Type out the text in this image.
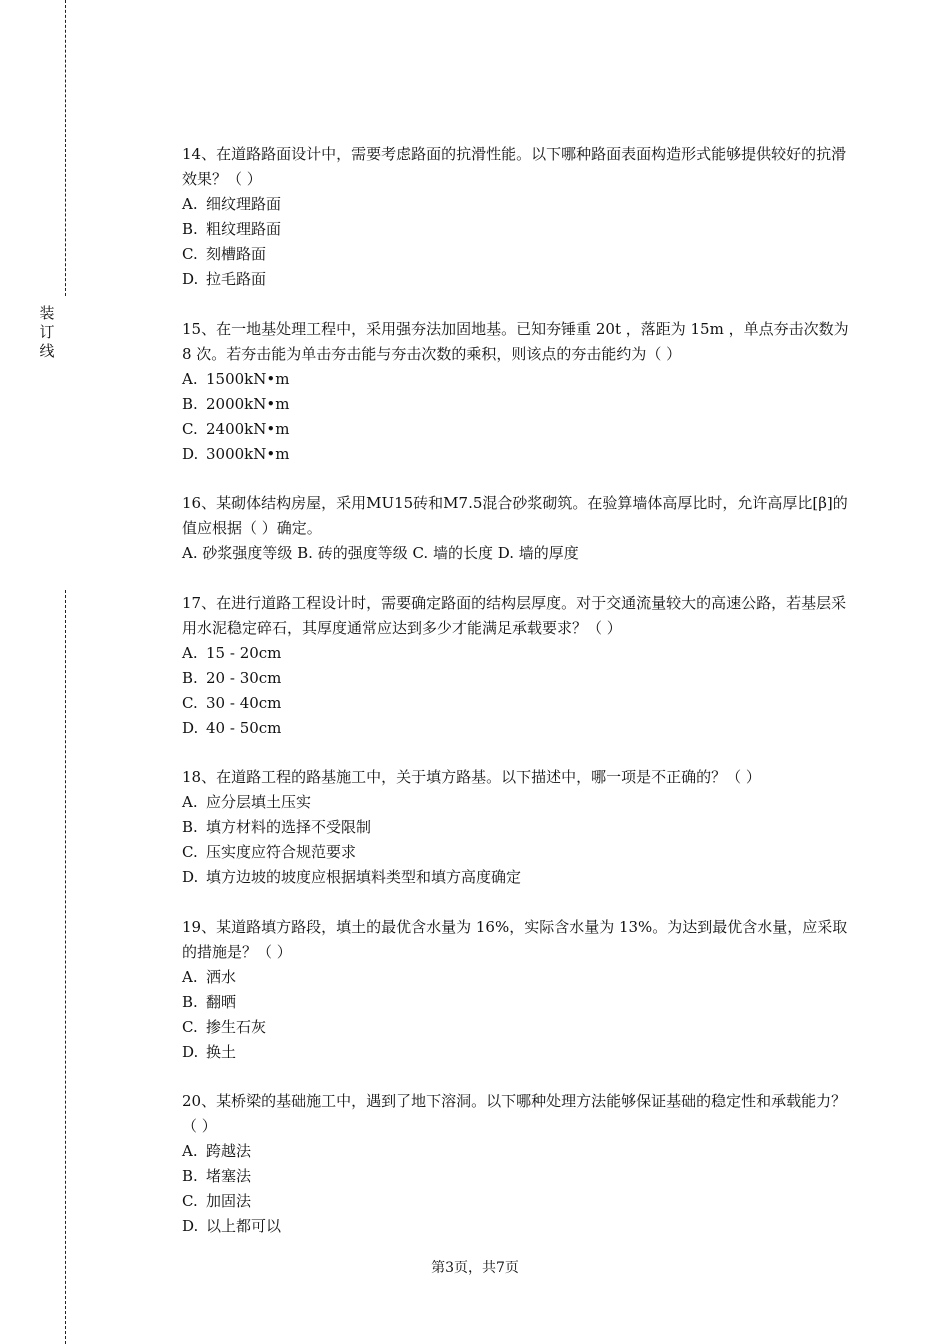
装
订
线

14、在道路路面设计中，需要考虑路面的抗滑性能。以下哪种路面表面构造形式能够提供较好的抗滑效果？（ ）

A. 细纹理路面

B. 粗纹理路面

C. 刻槽路面

D. 拉毛路面

15、在一地基处理工程中，采用强夯法加固地基。已知夯锤重 20t ，落距为 15m ，单点夯击次数为 8 次。若夯击能为单击夯击能与夯击次数的乘积，则该点的夯击能约为（ ）

A. 1500kN•m

B. 2000kN•m

C. 2400kN•m

D. 3000kN•m

16、某砌体结构房屋，采用MU15砖和M7.5混合砂浆砌筑。在验算墙体高厚比时，允许高厚比[β]的值应根据（ ）确定。

A. 砂浆强度等级 B. 砖的强度等级 C. 墙的长度 D. 墙的厚度

17、在进行道路工程设计时，需要确定路面的结构层厚度。对于交通流量较大的高速公路，若基层采用水泥稳定碎石，其厚度通常应达到多少才能满足承载要求？（ ）

A. 15 - 20cm

B. 20 - 30cm

C. 30 - 40cm

D. 40 - 50cm

18、在道路工程的路基施工中，关于填方路基。以下描述中，哪一项是不正确的？（ ）

A. 应分层填土压实

B. 填方材料的选择不受限制

C. 压实度应符合规范要求

D. 填方边坡的坡度应根据填料类型和填方高度确定

19、某道路填方路段，填土的最优含水量为 16%，实际含水量为 13%。为达到最优含水量，应采取的措施是？（ ）

A. 洒水

B. 翻晒

C. 掺生石灰

D. 换土

20、某桥梁的基础施工中，遇到了地下溶洞。以下哪种处理方法能够保证基础的稳定性和承载能力？（ ）

A. 跨越法

B. 堵塞法

C. 加固法

D. 以上都可以

第3页，共7页
